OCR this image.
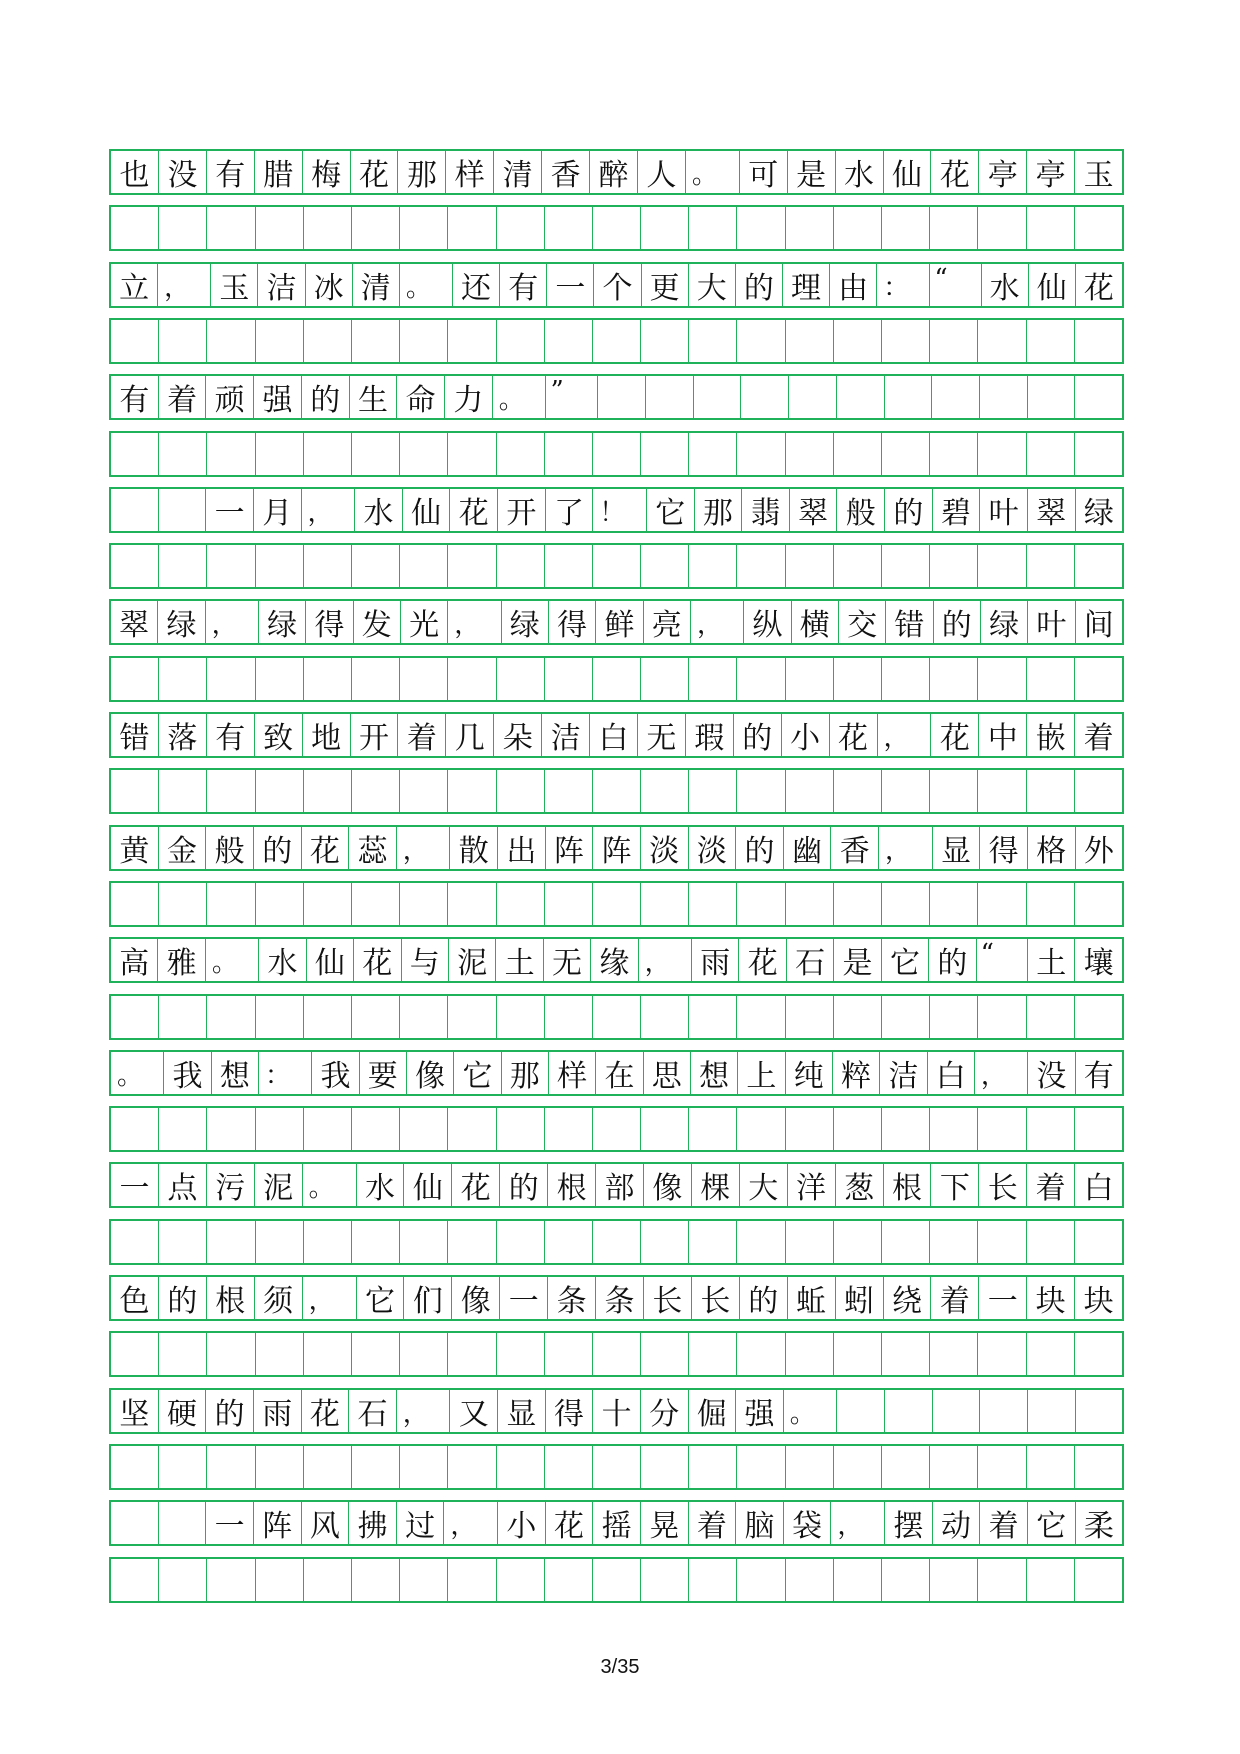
也 没 有 腊 梅 花 那 样 清 香 醉 人 。	可 是 水 仙 花 亭 亭 玉
立 ， 玉 洁 冰 清 。 还 有 一 个 更 大 的 理 由 ： “	水 仙 花
有 着 顽 强 的 生 命 力 。 ”
一 月 ， 水 仙 花 开 了 ！ 它 那 翡 翠 般 的 碧 叶 翠 绿
翠 绿 ， 绿 得 发 光 ， 绿 得 鲜 亮 ， 纵 横 交 错 的 绿 叶 间
错 落 有 致 地 开 着 几 朵 洁 白 无 瑕 的 小 花 ，	花 中 嵌 着
黄 金 般 的 花 蕊 ， 散 出 阵 阵 淡 淡 的 幽 香 ， 显 得 格 外
高 雅 。 水 仙 花 与 泥 土 无 缘 ， 雨 花 石 是 它 的 “	土 壤
。 我 想 ： 我 要 像 它 那 样 在 思 想 上 纯 粹 洁 白 ， 没 有
一 点 污 泥 。	水 仙 花 的 根 部 像 棵 大 洋 葱 根 下 长 着 白
色 的 根 须 ，	它 们 像 一 条 条 长 长 的 蚯 蚓 绕 着 一 块 块
坚 硬 的 雨 花 石 ， 又 显 得 十 分 倔 强 。
一 阵 风 拂 过 ， 小 花 摇 晃 着 脑 袋 ， 摆 动 着 它 柔
3/35
